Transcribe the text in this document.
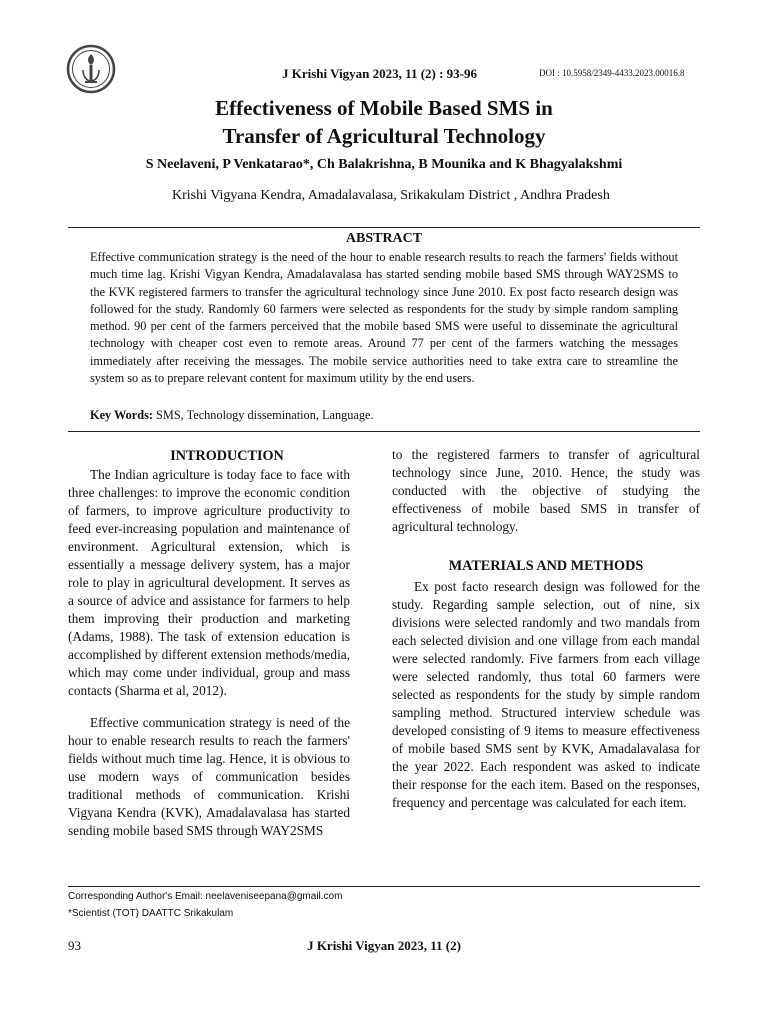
J Krishi Vigyan 2023, 11 (2) : 93-96	DOI : 10.5958/2349-4433.2023.00016.8
Effectiveness of Mobile Based SMS in
Transfer of Agricultural Technology
S Neelaveni, P Venkatarao*, Ch Balakrishna, B Mounika and K Bhagyalakshmi
Krishi Vigyana Kendra, Amadalavalasa, Srikakulam District , Andhra Pradesh
ABSTRACT

Effective communication strategy is the need of the hour to enable research results to reach the farmers' fields without much time lag. Krishi Vigyan Kendra, Amadalavalasa has started sending mobile based SMS through WAY2SMS to the KVK registered farmers to transfer the agricultural technology since June 2010. Ex post facto research design was followed for the study. Randomly 60 farmers were selected as respondents for the study by simple random sampling method. 90 per cent of the farmers perceived that the mobile based SMS were useful to disseminate the agricultural technology with cheaper cost even to remote areas. Around 77 per cent of the farmers watching the messages immediately after receiving the messages. The mobile service authorities need to take extra care to streamline the system so as to prepare relevant content for maximum utility by the end users.

Key Words: SMS, Technology dissemination, Language.
INTRODUCTION

The Indian agriculture is today face to face with three challenges: to improve the economic condition of farmers, to improve agriculture productivity to feed ever-increasing population and maintenance of environment. Agricultural extension, which is essentially a message delivery system, has a major role to play in agricultural development. It serves as a source of advice and assistance for farmers to help them improving their production and marketing (Adams, 1988). The task of extension education is accomplished by different extension methods/media, which may come under individual, group and mass contacts (Sharma et al, 2012).

Effective communication strategy is need of the hour to enable research results to reach the farmers' fields without much time lag. Hence, it is obvious to use modern ways of communication besides traditional methods of communication. Krishi Vigyana Kendra (KVK), Amadalavalasa has started sending mobile based SMS through WAY2SMS

to the registered farmers to transfer of agricultural technology since June, 2010. Hence, the study was conducted with the objective of studying the effectiveness of mobile based SMS in transfer of agricultural technology.

MATERIALS AND METHODS

Ex post facto research design was followed for the study. Regarding sample selection, out of nine, six divisions were selected randomly and two mandals from each selected division and one village from each mandal were selected randomly. Five farmers from each village were selected randomly, thus total 60 farmers were selected as respondents for the study by simple random sampling method. Structured interview schedule was developed consisting of 9 items to measure effectiveness of mobile based SMS sent by KVK, Amadalavalasa for the year 2022. Each respondent was asked to indicate their response for the each item. Based on the responses, frequency and percentage was calculated for each item.

Corresponding Author's Email: neelaveniseepana@gmail.com
*Scientist (TOT) DAATTC Srikakulam
93	J Krishi Vigyan 2023, 11 (2)
